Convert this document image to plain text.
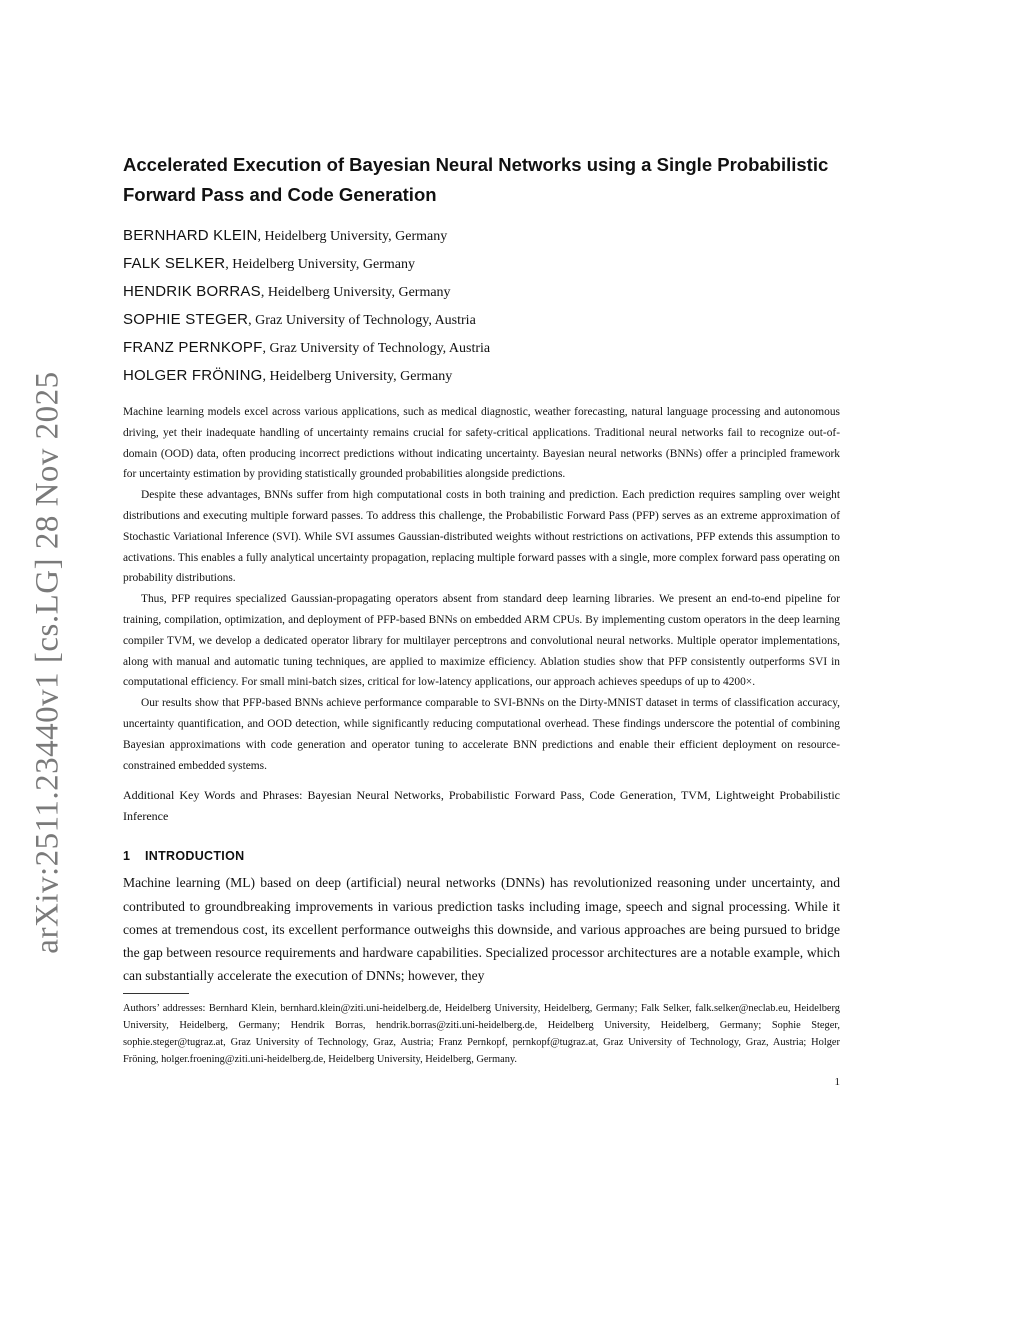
arXiv:2511.23440v1 [cs.LG] 28 Nov 2025
Accelerated Execution of Bayesian Neural Networks using a Single Probabilistic Forward Pass and Code Generation
BERNHARD KLEIN, Heidelberg University, Germany
FALK SELKER, Heidelberg University, Germany
HENDRIK BORRAS, Heidelberg University, Germany
SOPHIE STEGER, Graz University of Technology, Austria
FRANZ PERNKOPF, Graz University of Technology, Austria
HOLGER FRÖNING, Heidelberg University, Germany

Machine learning models excel across various applications, such as medical diagnostic, weather forecasting, natural language processing and autonomous driving, yet their inadequate handling of uncertainty remains crucial for safety-critical applications. Traditional neural networks fail to recognize out-of-domain (OOD) data, often producing incorrect predictions without indicating uncertainty. Bayesian neural networks (BNNs) offer a principled framework for uncertainty estimation by providing statistically grounded probabilities alongside predictions.

Despite these advantages, BNNs suffer from high computational costs in both training and prediction. Each prediction requires sampling over weight distributions and executing multiple forward passes. To address this challenge, the Probabilistic Forward Pass (PFP) serves as an extreme approximation of Stochastic Variational Inference (SVI). While SVI assumes Gaussian-distributed weights without restrictions on activations, PFP extends this assumption to activations. This enables a fully analytical uncertainty propagation, replacing multiple forward passes with a single, more complex forward pass operating on probability distributions.

Thus, PFP requires specialized Gaussian-propagating operators absent from standard deep learning libraries. We present an end-to-end pipeline for training, compilation, optimization, and deployment of PFP-based BNNs on embedded ARM CPUs. By implementing custom operators in the deep learning compiler TVM, we develop a dedicated operator library for multilayer perceptrons and convolutional neural networks. Multiple operator implementations, along with manual and automatic tuning techniques, are applied to maximize efficiency. Ablation studies show that PFP consistently outperforms SVI in computational efficiency. For small mini-batch sizes, critical for low-latency applications, our approach achieves speedups of up to 4200×.

Our results show that PFP-based BNNs achieve performance comparable to SVI-BNNs on the Dirty-MNIST dataset in terms of classification accuracy, uncertainty quantification, and OOD detection, while significantly reducing computational overhead. These findings underscore the potential of combining Bayesian approximations with code generation and operator tuning to accelerate BNN predictions and enable their efficient deployment on resource-constrained embedded systems.

Additional Key Words and Phrases: Bayesian Neural Networks, Probabilistic Forward Pass, Code Generation, TVM, Lightweight Probabilistic Inference

1	INTRODUCTION

Machine learning (ML) based on deep (artificial) neural networks (DNNs) has revolutionized reasoning under uncertainty, and contributed to groundbreaking improvements in various prediction tasks including image, speech and signal processing. While it comes at tremendous cost, its excellent performance outweighs this downside, and various approaches are being pursued to bridge the gap between resource requirements and hardware capabilities. Specialized processor architectures are a notable example, which can substantially accelerate the execution of DNNs; however, they

Authors’ addresses: Bernhard Klein, bernhard.klein@ziti.uni-heidelberg.de, Heidelberg University, Heidelberg, Germany; Falk Selker, falk.selker@neclab.eu, Heidelberg University, Heidelberg, Germany; Hendrik Borras, hendrik.borras@ziti.uni-heidelberg.de, Heidelberg University, Heidelberg, Germany; Sophie Steger, sophie.steger@tugraz.at, Graz University of Technology, Graz, Austria; Franz Pernkopf, pernkopf@tugraz.at, Graz University of Technology, Graz, Austria; Holger Fröning, holger.froening@ziti.uni-heidelberg.de, Heidelberg University, Heidelberg, Germany.

1
